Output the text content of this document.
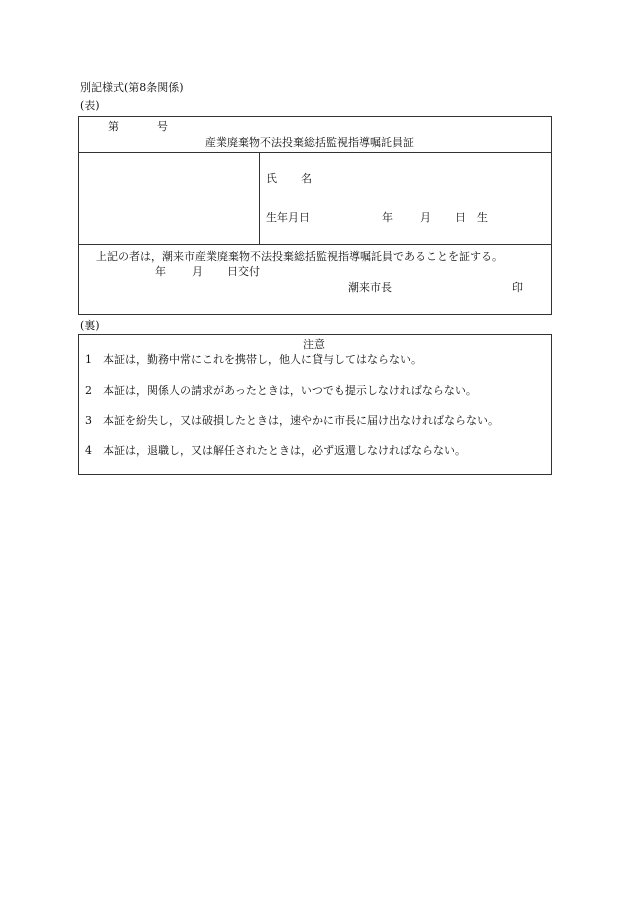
別記様式(第8条関係)
(表)
第	号
産業廃棄物不法投棄総括監視指導嘱託員証
氏 名
生年月日	年 月 日 生
上記の者は，潮来市産業廃棄物不法投棄総括監視指導嘱託員であることを証する。
年 月 日交付
潮来市長	印
(裏)
注意
1 本証は，勤務中常にこれを携帯し，他人に貸与してはならない。
2 本証は，関係人の請求があったときは，いつでも提示しなければならない。
3 本証を紛失し，又は破損したときは，速やかに市長に届け出なければならない。
4 本証は，退職し，又は解任されたときは，必ず返還しなければならない。
